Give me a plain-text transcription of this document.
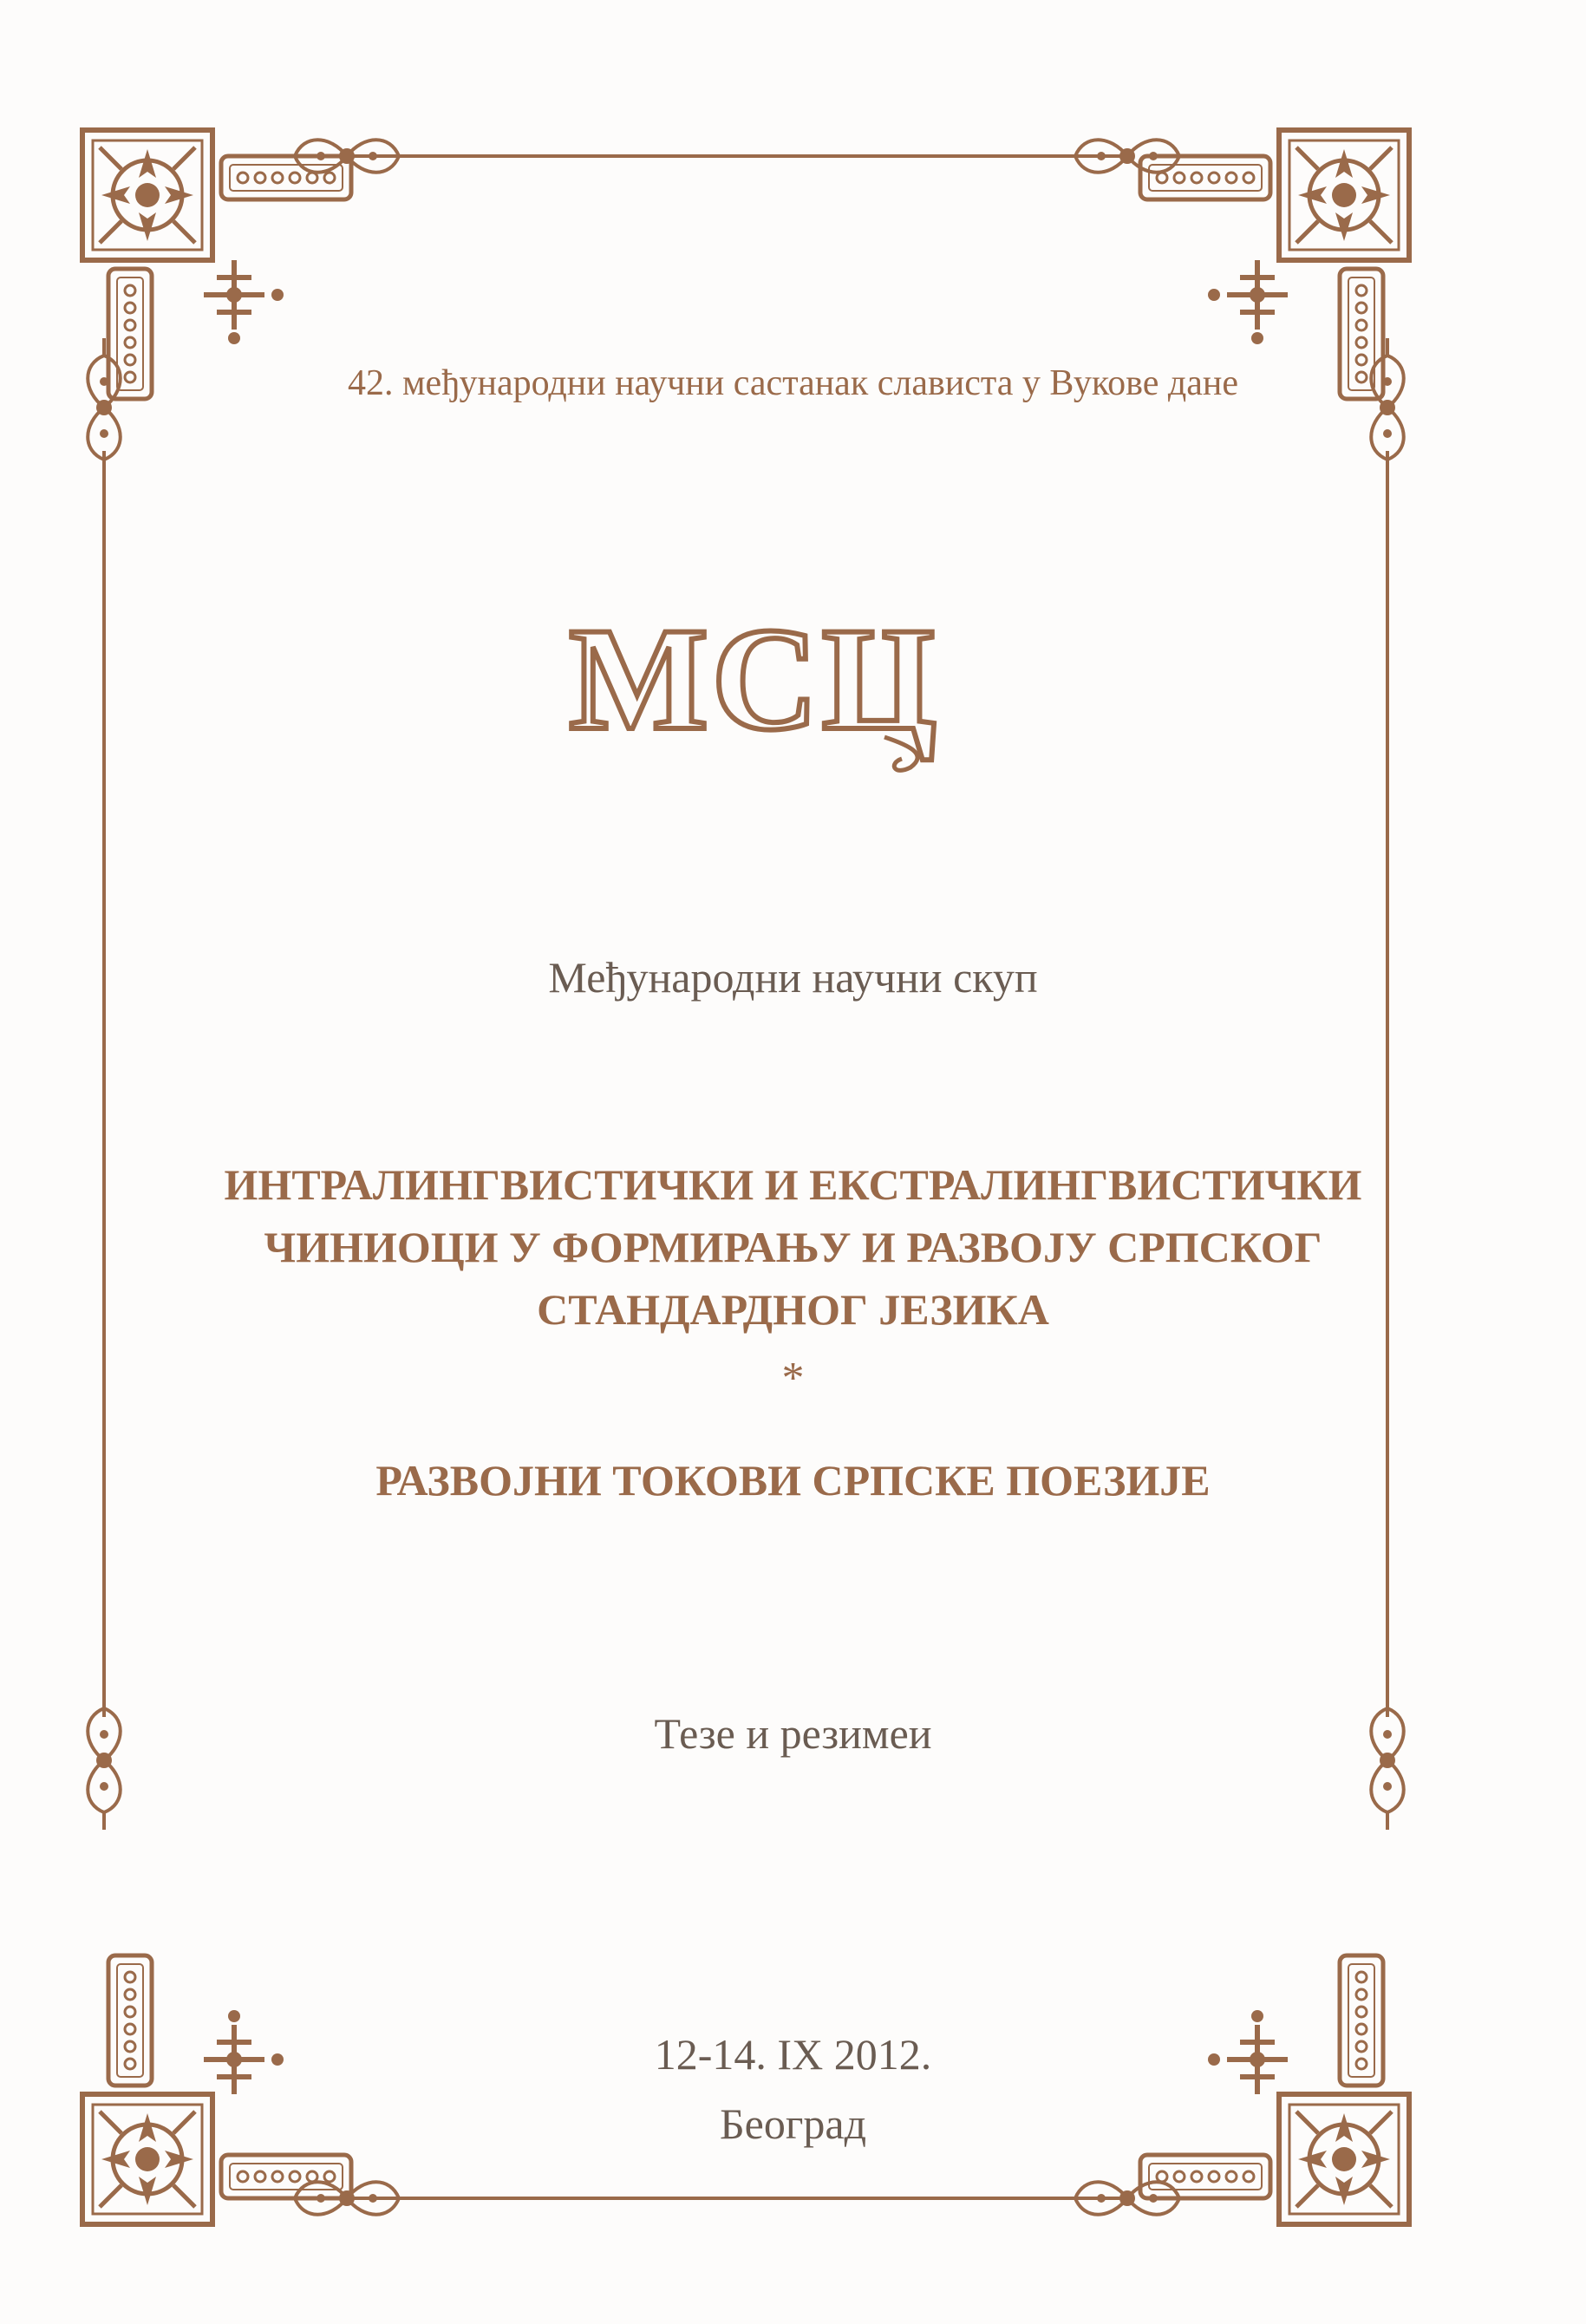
42. међународни научни састанак слависта у Вукове дане
МСЦ
Међународни научни скуп
ИНТРАЛИНГВИСТИЧКИ И ЕКСТРАЛИНГВИСТИЧКИ
ЧИНИОЦИ У ФОРМИРАЊУ И РАЗВОЈУ СРПСКОГ
СТАНДАРДНОГ ЈЕЗИКА
*
РАЗВОЈНИ ТОКОВИ СРПСКЕ ПОЕЗИЈЕ
Тезе и резимеи
12-14. IX 2012.
Београд
